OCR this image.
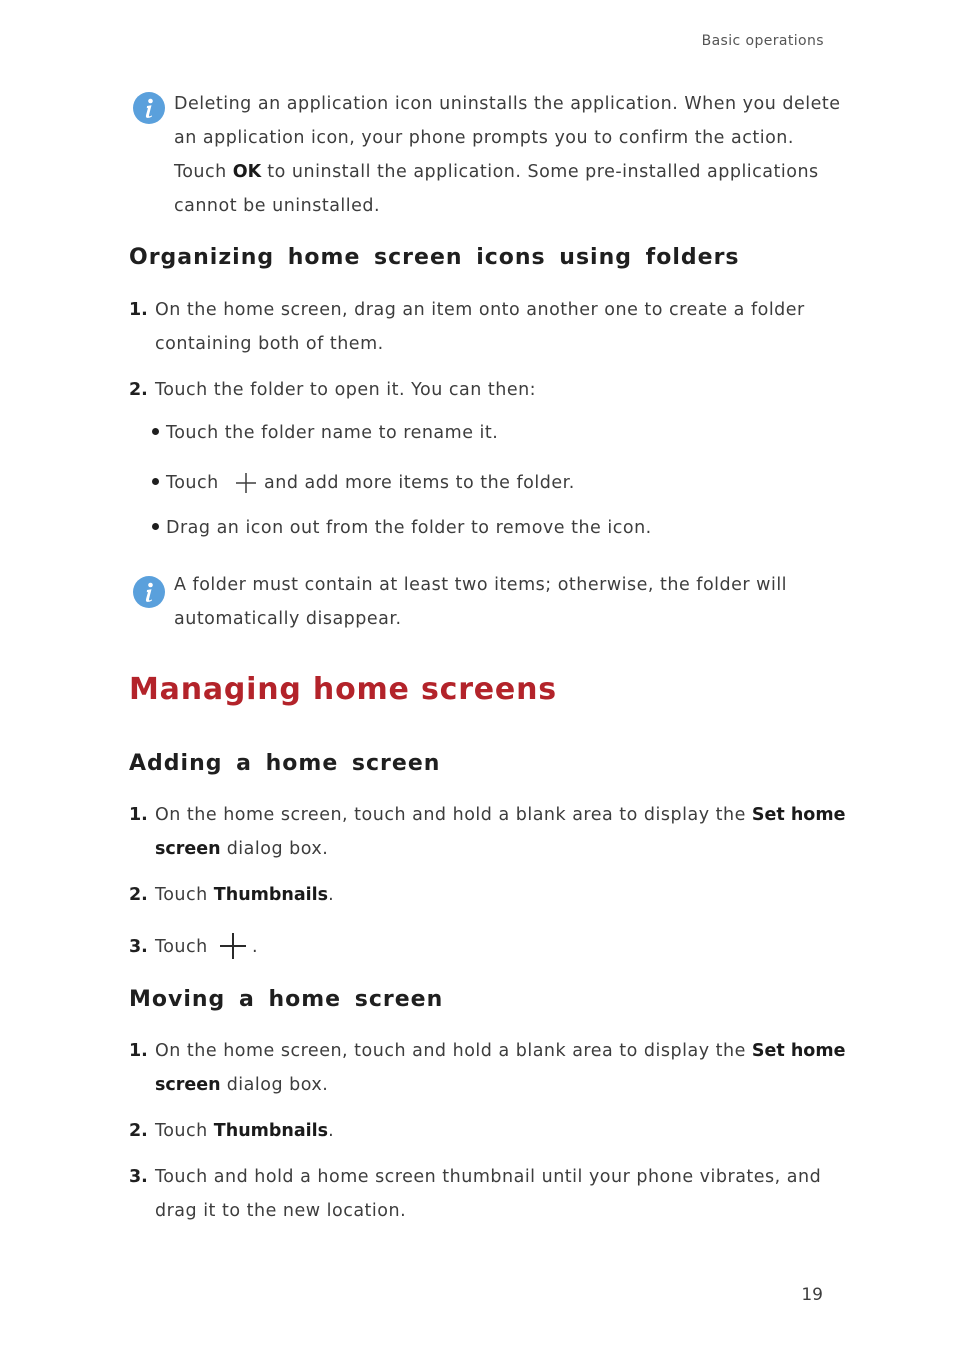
Basic operations
Deleting an application icon uninstalls the application. When you delete
an application icon, your phone prompts you to confirm the action.
Touch OK to uninstall the application. Some pre-installed applications
cannot be uninstalled.
Organizing home screen icons using folders
1. On the home screen, drag an item onto another one to create a folder
containing both of them.
2. Touch the folder to open it. You can then:
Touch the folder name to rename it.
Touch	and add more items to the folder.
Drag an icon out from the folder to remove the icon.
A folder must contain at least two items; otherwise, the folder will
automatically disappear.
Managing home screens
Adding a home screen
1. On the home screen, touch and hold a blank area to display the Set home
screen dialog box.
2. Touch Thumbnails.
3. Touch	.
Moving a home screen
1. On the home screen, touch and hold a blank area to display the Set home
screen dialog box.
2. Touch Thumbnails.
3. Touch and hold a home screen thumbnail until your phone vibrates, and
drag it to the new location.
19
